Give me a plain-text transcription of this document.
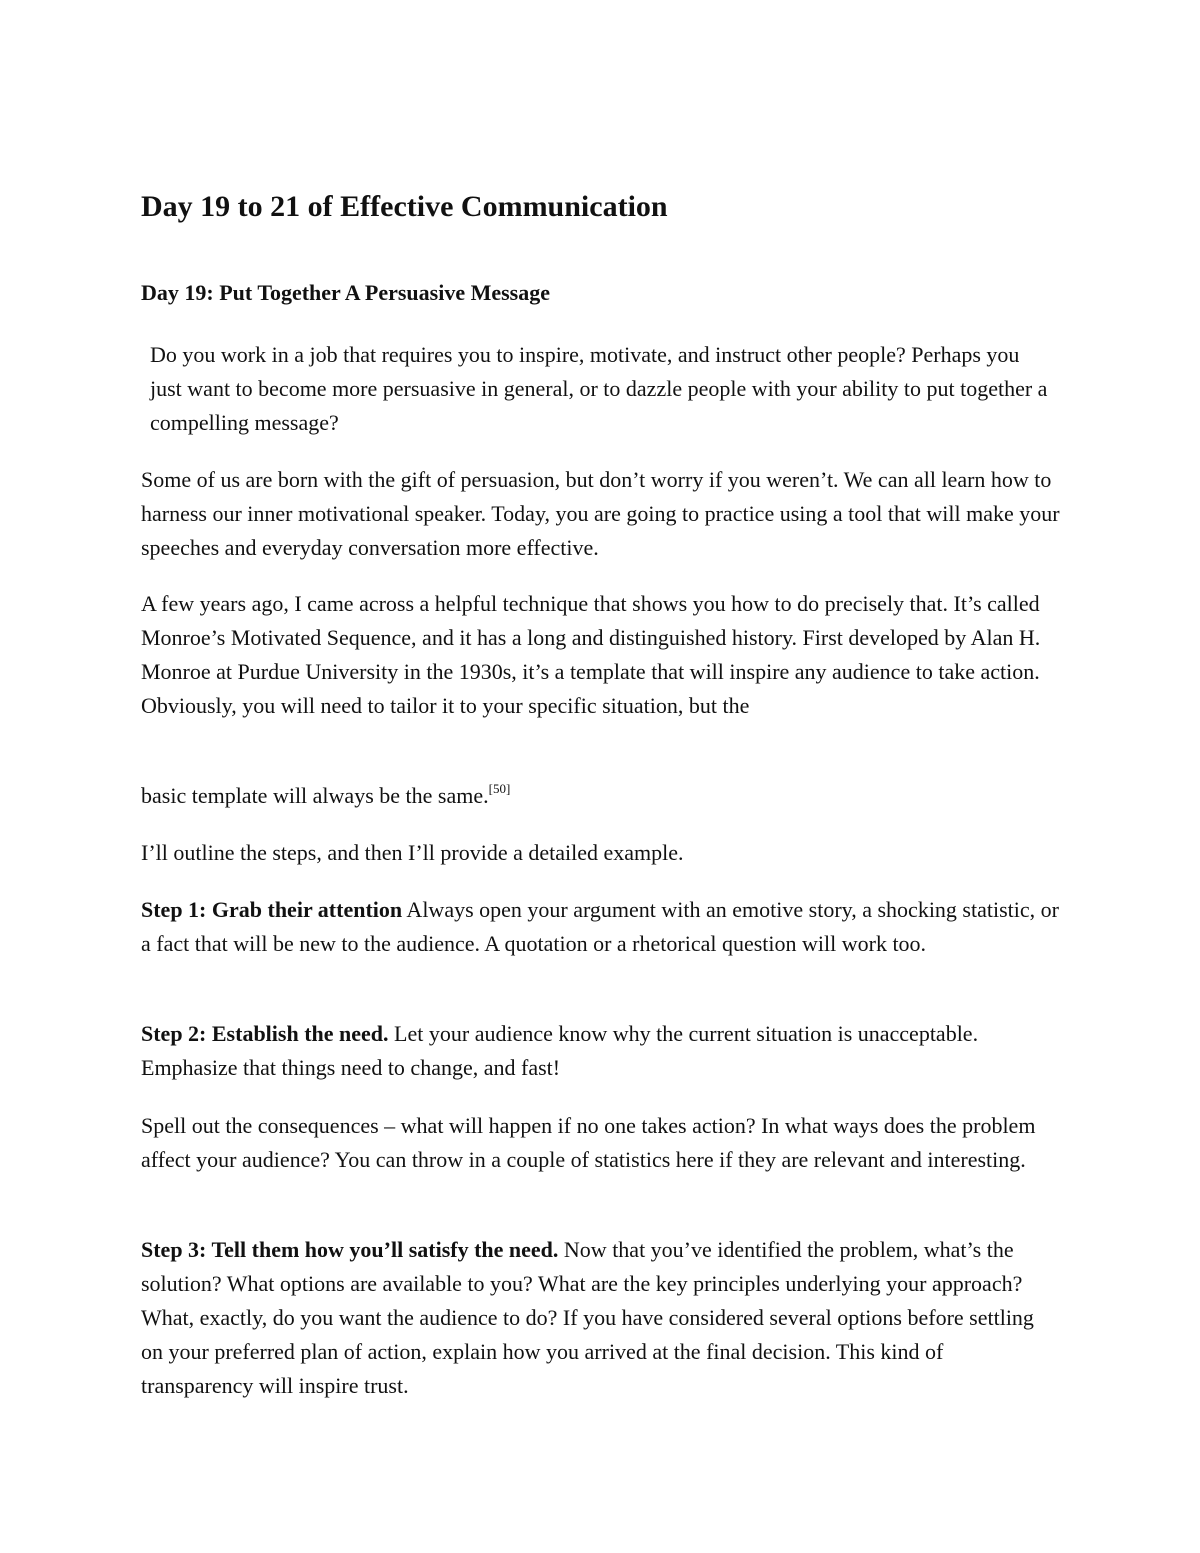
Day 19 to 21 of Effective Communication
Day 19: Put Together A Persuasive Message

Do you work in a job that requires you to inspire, motivate, and instruct other people? Perhaps you just want to become more persuasive in general, or to dazzle people with your ability to put together a compelling message?

Some of us are born with the gift of persuasion, but don’t worry if you weren’t. We can all learn how to harness our inner motivational speaker. Today, you are going to practice using a tool that will make your speeches and everyday conversation more effective.

A few years ago, I came across a helpful technique that shows you how to do precisely that. It’s called Monroe’s Motivated Sequence, and it has a long and distinguished history. First developed by Alan H. Monroe at Purdue University in the 1930s, it’s a template that will inspire any audience to take action. Obviously, you will need to tailor it to your specific situation, but the

basic template will always be the same.[50]

I’ll outline the steps, and then I’ll provide a detailed example.

Step 1: Grab their attention Always open your argument with an emotive story, a shocking statistic, or a fact that will be new to the audience. A quotation or a rhetorical question will work too.

Step 2: Establish the need. Let your audience know why the current situation is unacceptable. Emphasize that things need to change, and fast!

Spell out the consequences – what will happen if no one takes action? In what ways does the problem affect your audience? You can throw in a couple of statistics here if they are relevant and interesting.

Step 3: Tell them how you’ll satisfy the need. Now that you’ve identified the problem, what’s the solution? What options are available to you? What are the key principles underlying your approach? What, exactly, do you want the audience to do? If you have considered several options before settling on your preferred plan of action, explain how you arrived at the final decision. This kind of transparency will inspire trust.
